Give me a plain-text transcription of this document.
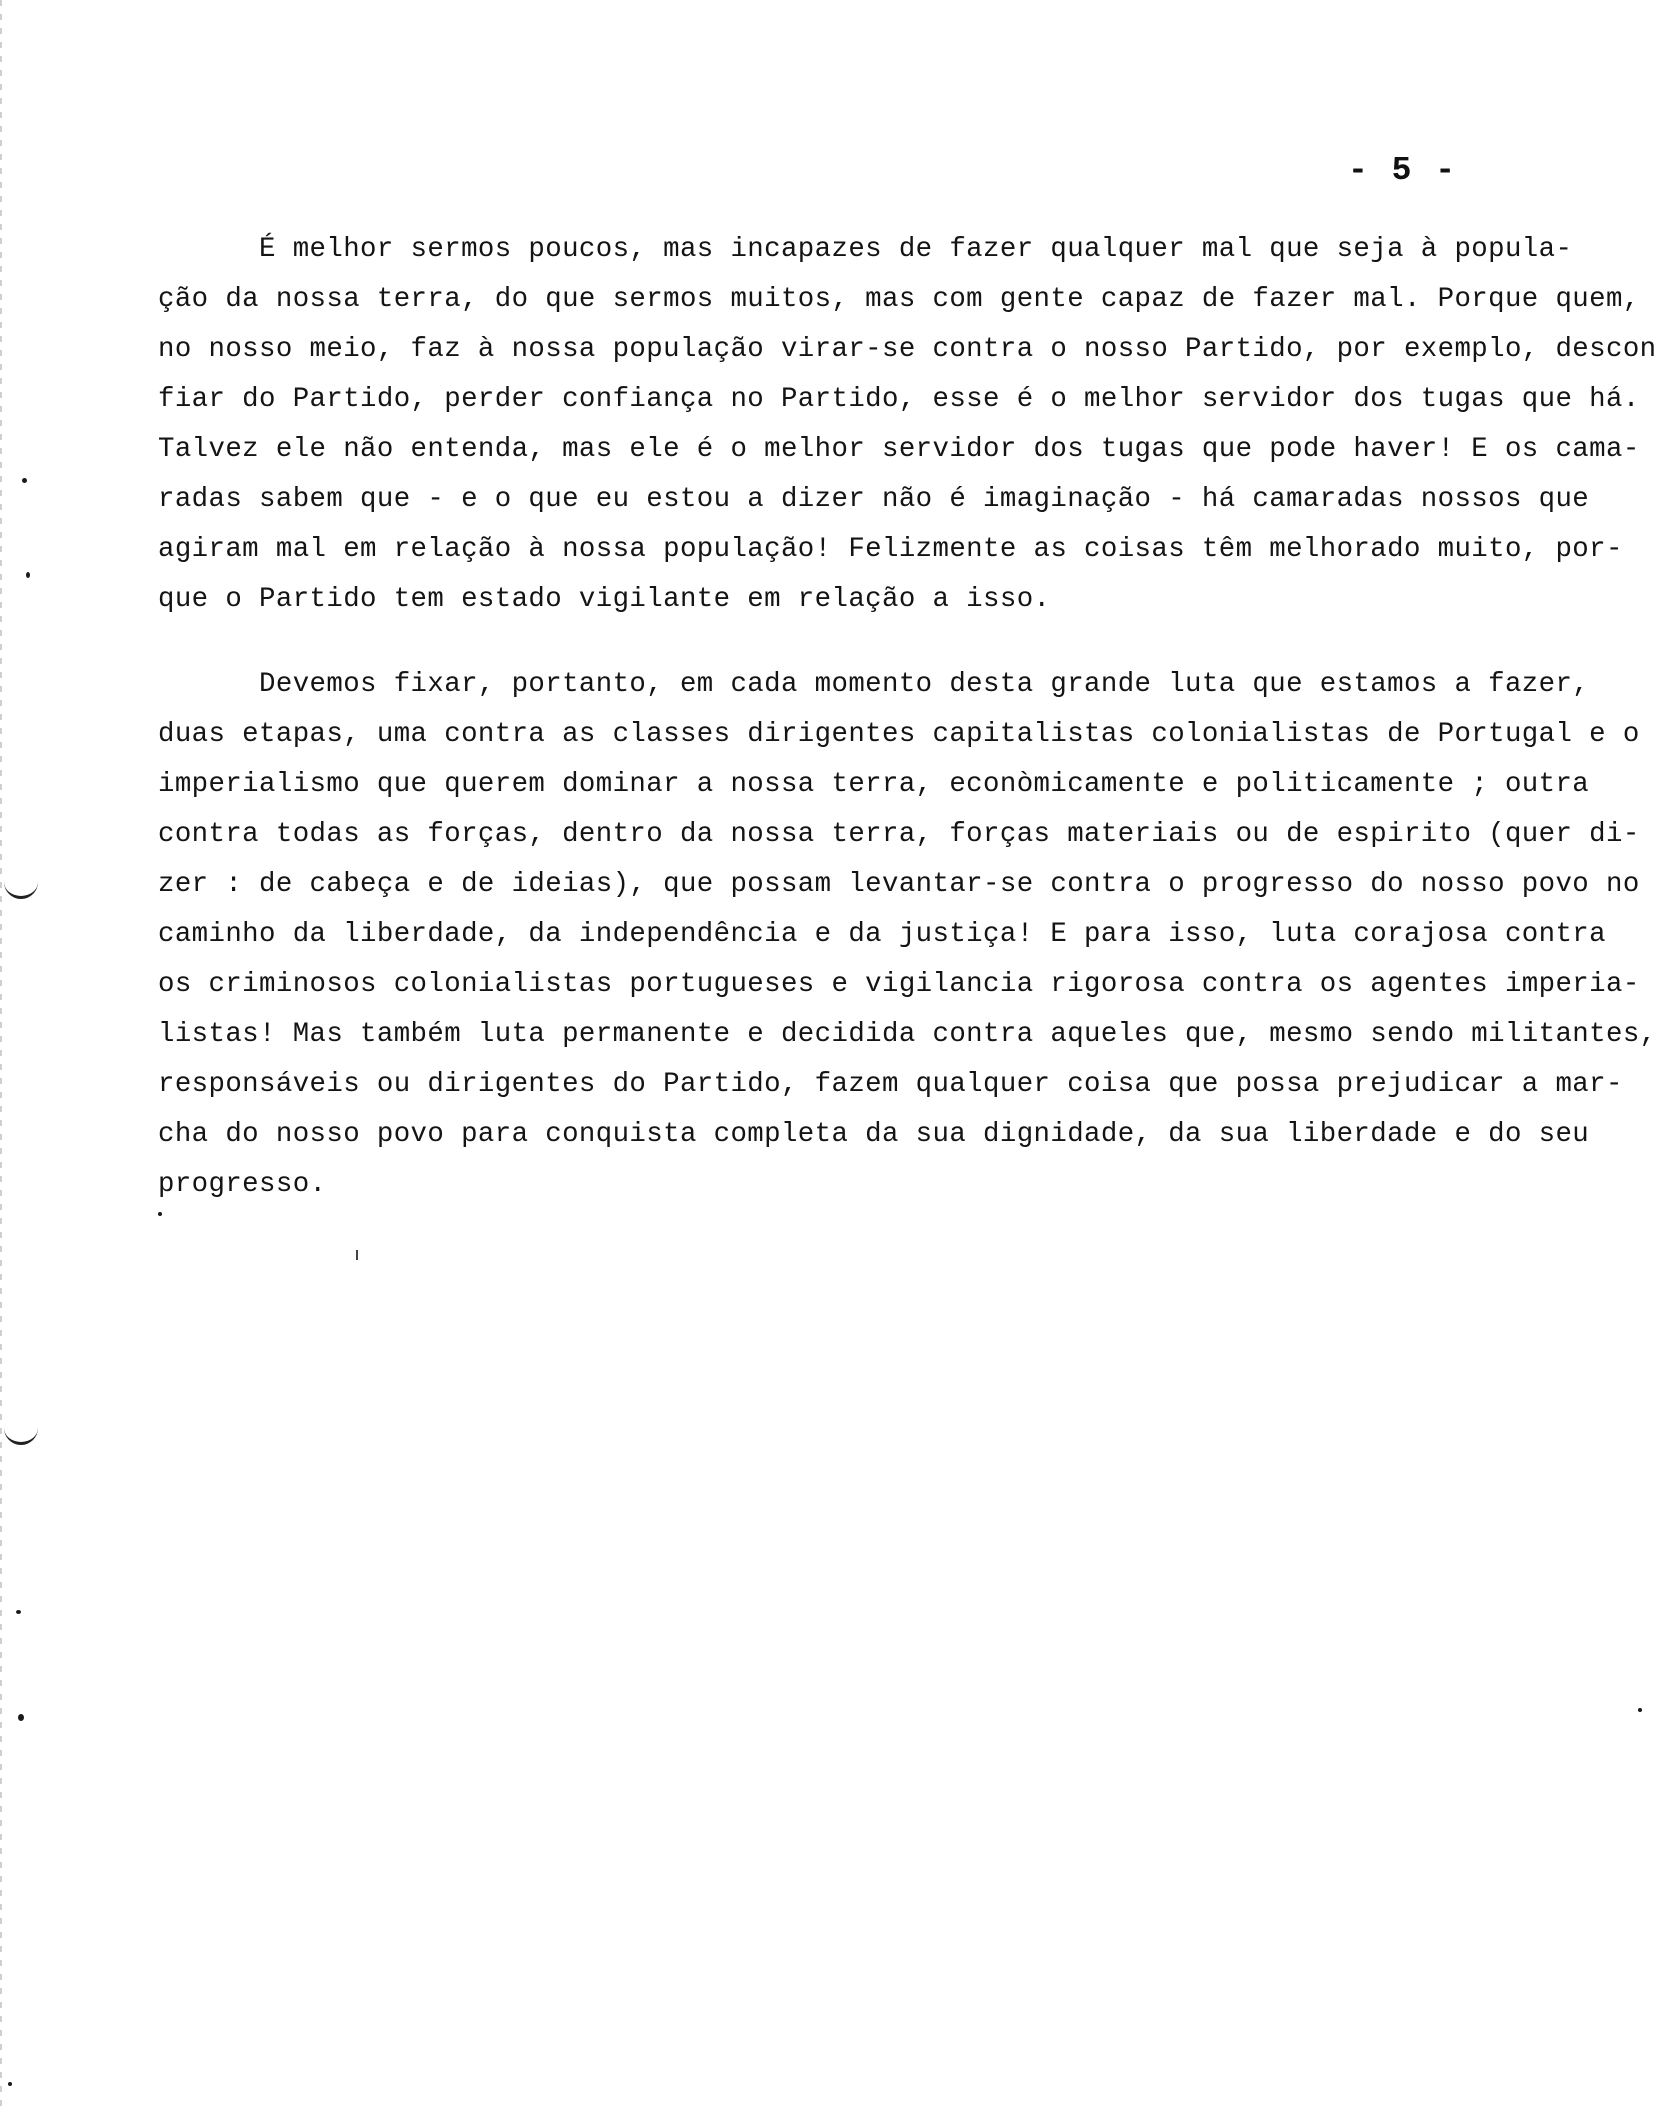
- 5 -
É melhor sermos poucos, mas incapazes de fazer qualquer mal que seja à popula-
ção da nossa terra, do que sermos muitos, mas com gente capaz de fazer mal. Porque quem,
no nosso meio, faz à nossa população virar-se contra o nosso Partido, por exemplo, descon
fiar do Partido, perder confiança no Partido, esse é o melhor servidor dos tugas que há.
Talvez ele não entenda, mas ele é o melhor servidor dos tugas que pode haver! E os cama-
radas sabem que - e o que eu estou a dizer não é imaginação - há camaradas nossos que
agiram mal em relação à nossa população! Felizmente as coisas têm melhorado muito, por-
que o Partido tem estado vigilante em relação a isso.
Devemos fixar, portanto, em cada momento desta grande luta que estamos a fazer,
duas etapas, uma contra as classes dirigentes capitalistas colonialistas de Portugal e o
imperialismo que querem dominar a nossa terra, econòmicamente e politicamente ; outra
contra todas as forças, dentro da nossa terra, forças materiais ou de espirito (quer di-
zer : de cabeça e de ideias), que possam levantar-se contra o progresso do nosso povo no
caminho da liberdade, da independência e da justiça! E para isso, luta corajosa contra
os criminosos colonialistas portugueses e vigilancia rigorosa contra os agentes imperia-
listas! Mas também luta permanente e decidida contra aqueles que, mesmo sendo militantes,
responsáveis ou dirigentes do Partido, fazem qualquer coisa que possa prejudicar a mar-
cha do nosso povo para conquista completa da sua dignidade, da sua liberdade e do seu
progresso.
